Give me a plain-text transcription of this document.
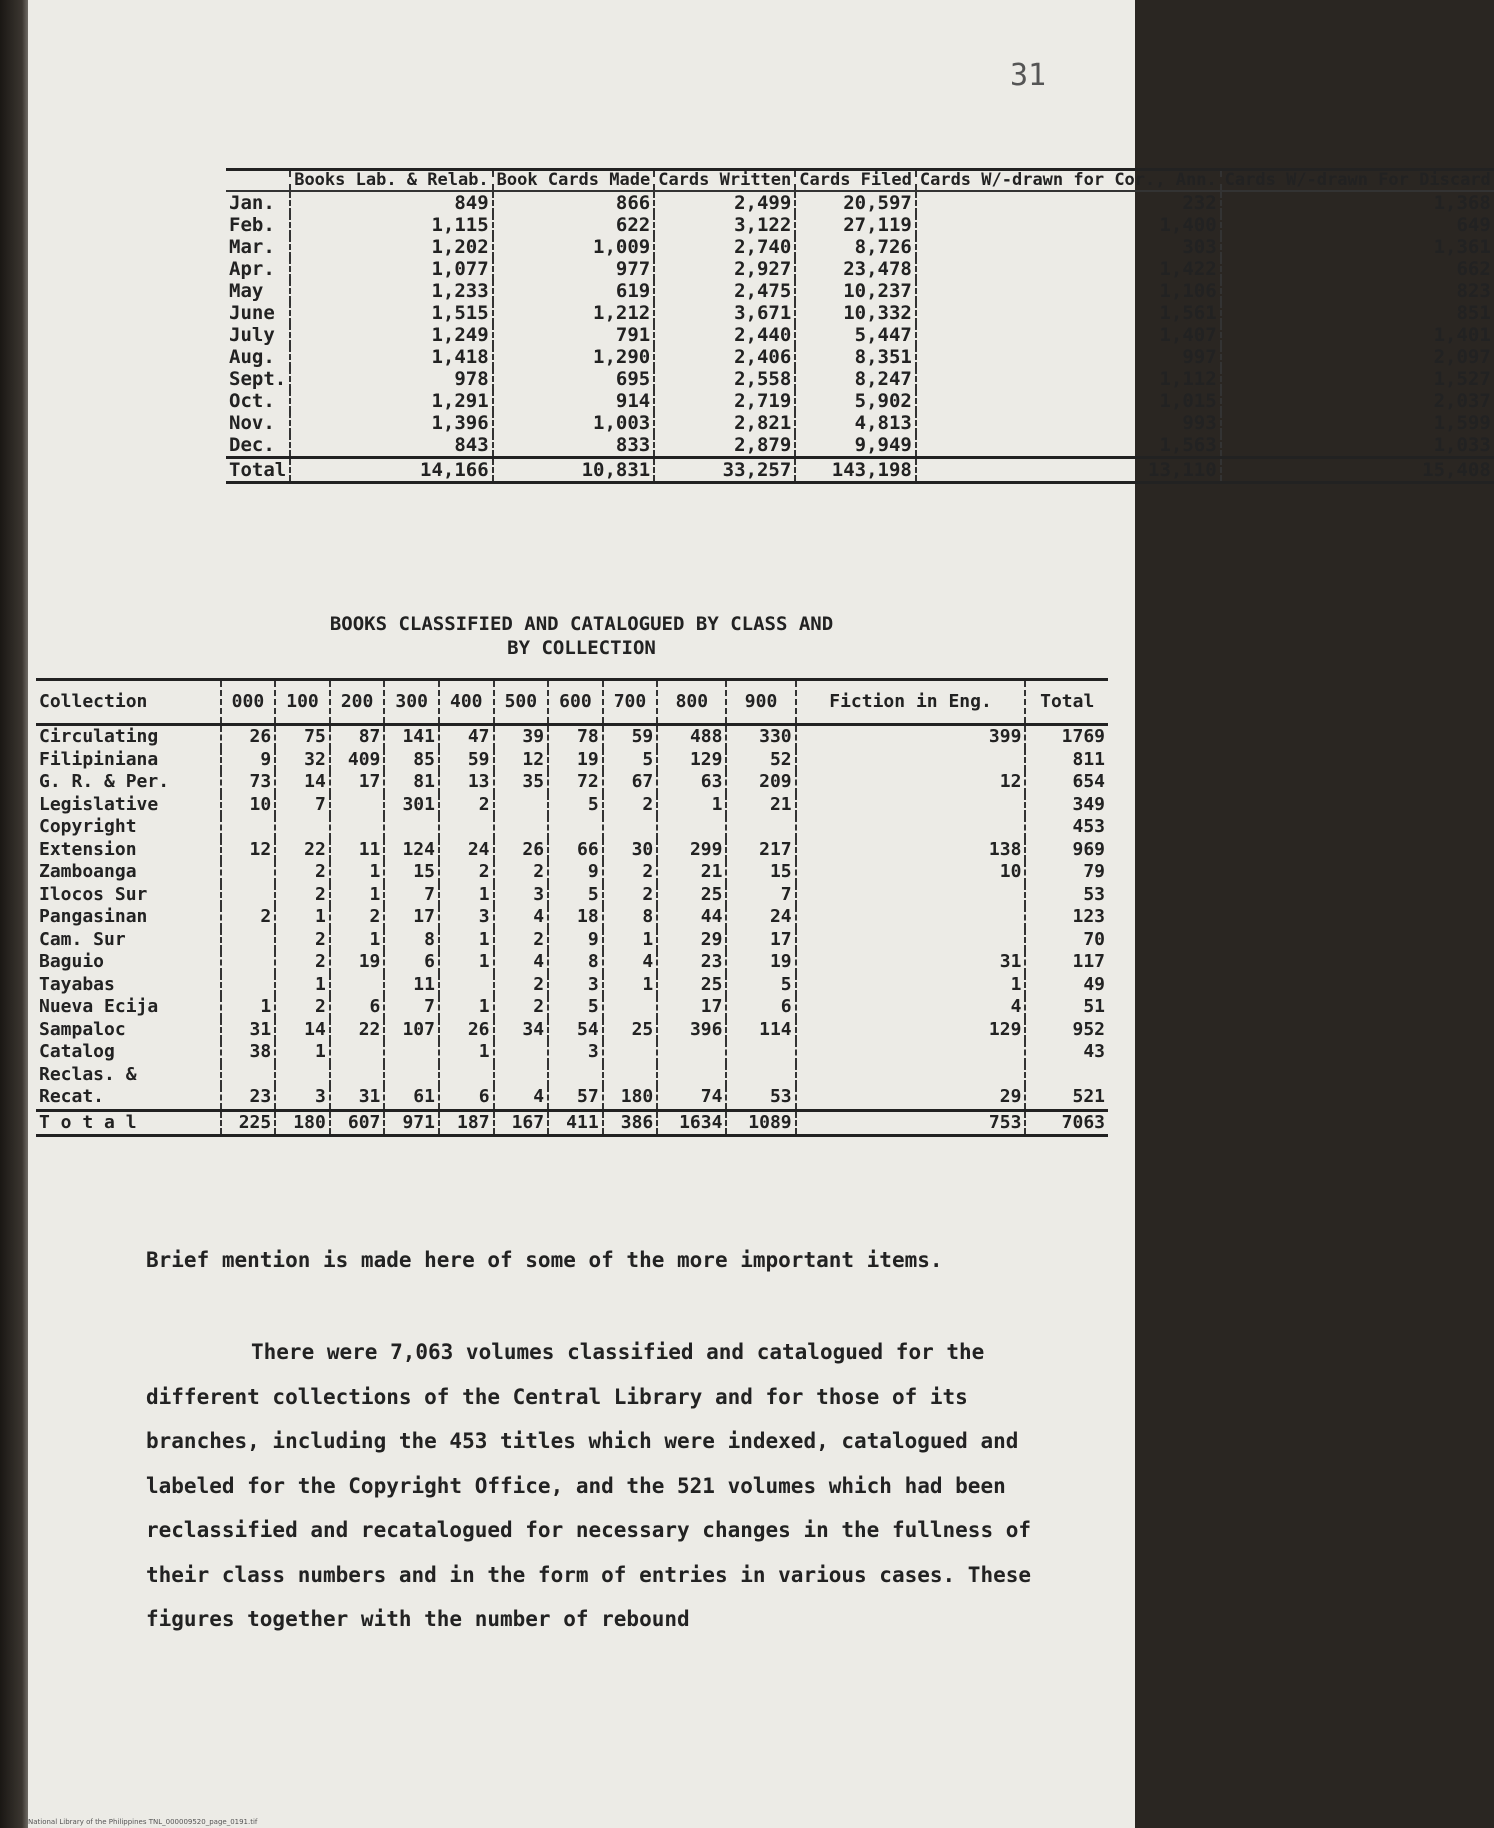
31
	Books Lab. & Relab.	Book Cards Made	Cards Written	Cards Filed	Cards W/-drawn for Cor., Ann.	Cards W/-drawn For Discard
Jan.	849	866	2,499	20,597	232	1,368
Feb.	1,115	622	3,122	27,119	1,400	649
Mar.	1,202	1,009	2,740	8,726	303	1,361
Apr.	1,077	977	2,927	23,478	1,422	662
May	1,233	619	2,475	10,237	1,106	823
June	1,515	1,212	3,671	10,332	1,561	851
July	1,249	791	2,440	5,447	1,407	1,401
Aug.	1,418	1,290	2,406	8,351	997	2,097
Sept.	978	695	2,558	8,247	1,112	1,527
Oct.	1,291	914	2,719	5,902	1,015	2,037
Nov.	1,396	1,003	2,821	4,813	993	1,599
Dec.	843	833	2,879	9,949	1,563	1,033
Total	14,166	10,831	33,257	143,198	13,110	15,408
BOOKS CLASSIFIED AND CATALOGUED BY CLASS AND
BY COLLECTION
Collection	000	100	200	300	400	500	600	700	800	900	Fiction in Eng.	Total
Circulating	26	75	87	141	47	39	78	59	488	330	399	1769
Filipiniana	9	32	409	85	59	12	19	5	129	52		811
G. R. & Per.	73	14	17	81	13	35	72	67	63	209	12	654
Legislative	10	7		301	2		5	2	1	21		349
Copyright												453
Extension	12	22	11	124	24	26	66	30	299	217	138	969
Zamboanga		2	1	15	2	2	9	2	21	15	10	79
Ilocos Sur		2	1	7	1	3	5	2	25	7		53
Pangasinan	2	1	2	17	3	4	18	8	44	24		123
Cam. Sur		2	1	8	1	2	9	1	29	17		70
Baguio		2	19	6	1	4	8	4	23	19	31	117
Tayabas		1		11		2	3	1	25	5	1	49
Nueva Ecija	1	2	6	7	1	2	5		17	6	4	51
Sampaloc	31	14	22	107	26	34	54	25	396	114	129	952
Catalog	38	1			1		3					43
Reclas. &												
Recat.	23	3	31	61	6	4	57	180	74	53	29	521
T o t a l	225	180	607	971	187	167	411	386	1634	1089	753	7063

Brief mention is made here of some of the more important items.

There were 7,063 volumes classified and catalogued for the different collections of the Central Library and for those of its branches, including the 453 titles which were indexed, catalogued and labeled for the Copyright Office, and the 521 volumes which had been reclassified and recatalogued for necessary changes in the fullness of their class numbers and in the form of entries in various cases. These figures together with the number of rebound

National Library of the Philippines TNL_000009520_page_0191.tif
